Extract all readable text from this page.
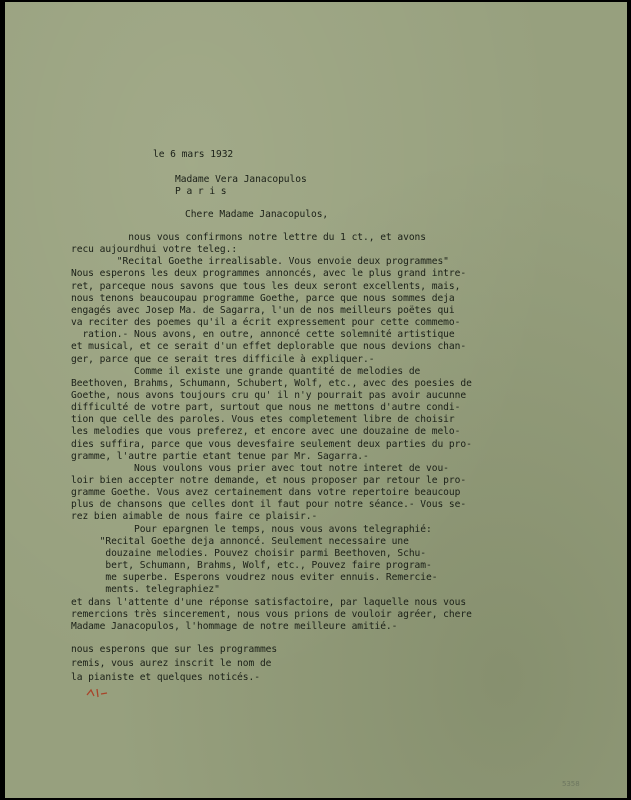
le 6 mars 1932
Madame Vera Janacopulos
P a r i s
Chere Madame Janacopulos,
nous vous confirmons notre lettre du 1 ct., et avons
recu aujourdhui votre teleg.:
"Recital Goethe irrealisable. Vous envoie deux programmes"
Nous esperons les deux programmes annoncés, avec le plus grand intre-
ret, parceque nous savons que tous les deux seront excellents, mais,
nous tenons beaucoupau programme Goethe, parce que nous sommes deja
engagés avec Josep Ma. de Sagarra, l'un de nos meilleurs poëtes qui
va reciter des poemes qu'il a écrit expressement pour cette commemo-
ration.- Nous avons, en outre, annoncé cette solemnité artistique
et musical, et ce serait d'un effet deplorable que nous devions chan-
ger, parce que ce serait tres difficile à expliquer.-
Comme il existe une grande quantité de melodies de
Beethoven, Brahms, Schumann, Schubert, Wolf, etc., avec des poesies de
Goethe, nous avons toujours cru qu' il n'y pourrait pas avoir aucunne
difficulté de votre part, surtout que nous ne mettons d'autre condi-
tion que celle des paroles. Vous etes completement libre de choisir
les melodies que vous preferez, et encore avec une douzaine de melo-
dies suffira, parce que vous devesfaire seulement deux parties du pro-
gramme, l'autre partie etant tenue par Mr. Sagarra.-
Nous voulons vous prier avec tout notre interet de vou-
loir bien accepter notre demande, et nous proposer par retour le pro-
gramme Goethe. Vous avez certainement dans votre repertoire beaucoup
plus de chansons que celles dont il faut pour notre séance.- Vous se-
rez bien aimable de nous faire ce plaisir.-
Pour epargnen le temps, nous vous avons telegraphié:
"Recital Goethe deja annoncé. Seulement necessaire une
douzaine melodies. Pouvez choisir parmi Beethoven, Schu-
bert, Schumann, Brahms, Wolf, etc., Pouvez faire program-
me superbe. Esperons voudrez nous eviter ennuis. Remercie-
ments. telegraphiez"
et dans l'attente d'une réponse satisfactoire, par laquelle nous vous
remercions très sincerement, nous vous prions de vouloir agréer, chere
Madame Janacopulos, l'hommage de notre meilleure amitié.-
nous esperons que sur les programmes
remis, vous aurez inscrit le nom de
la pianiste et quelques noticés.-
5358
